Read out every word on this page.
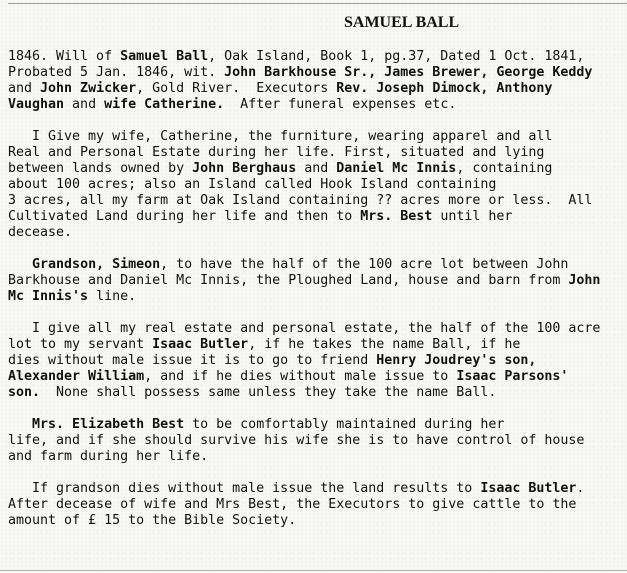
SAMUEL BALL
1846. Will of Samuel Ball, Oak Island, Book 1, pg.37, Dated 1 Oct. 1841,
Probated 5 Jan. 1846, wit. John Barkhouse Sr., James Brewer, George Keddy
and John Zwicker, Gold River.  Executors Rev. Joseph Dimock, Anthony
Vaughan and wife Catherine.  After funeral expenses etc.
I Give my wife, Catherine, the furniture, wearing apparel and all
Real and Personal Estate during her life. First, situated and lying
between lands owned by John Berghaus and Daniel Mc Innis, containing
about 100 acres; also an Island called Hook Island containing
3 acres, all my farm at Oak Island containing ?? acres more or less.  All
Cultivated Land during her life and then to Mrs. Best until her
decease.
Grandson, Simeon, to have the half of the 100 acre lot between John
Barkhouse and Daniel Mc Innis, the Ploughed Land, house and barn from John
Mc Innis's line.
I give all my real estate and personal estate, the half of the 100 acre
lot to my servant Isaac Butler, if he takes the name Ball, if he
dies without male issue it is to go to friend Henry Joudrey's son,
Alexander William, and if he dies without male issue to Isaac Parsons'
son.  None shall possess same unless they take the name Ball.
Mrs. Elizabeth Best to be comfortably maintained during her
life, and if she should survive his wife she is to have control of house
and farm during her life.
If grandson dies without male issue the land results to Isaac Butler.
After decease of wife and Mrs Best, the Executors to give cattle to the
amount of £ 15 to the Bible Society.
